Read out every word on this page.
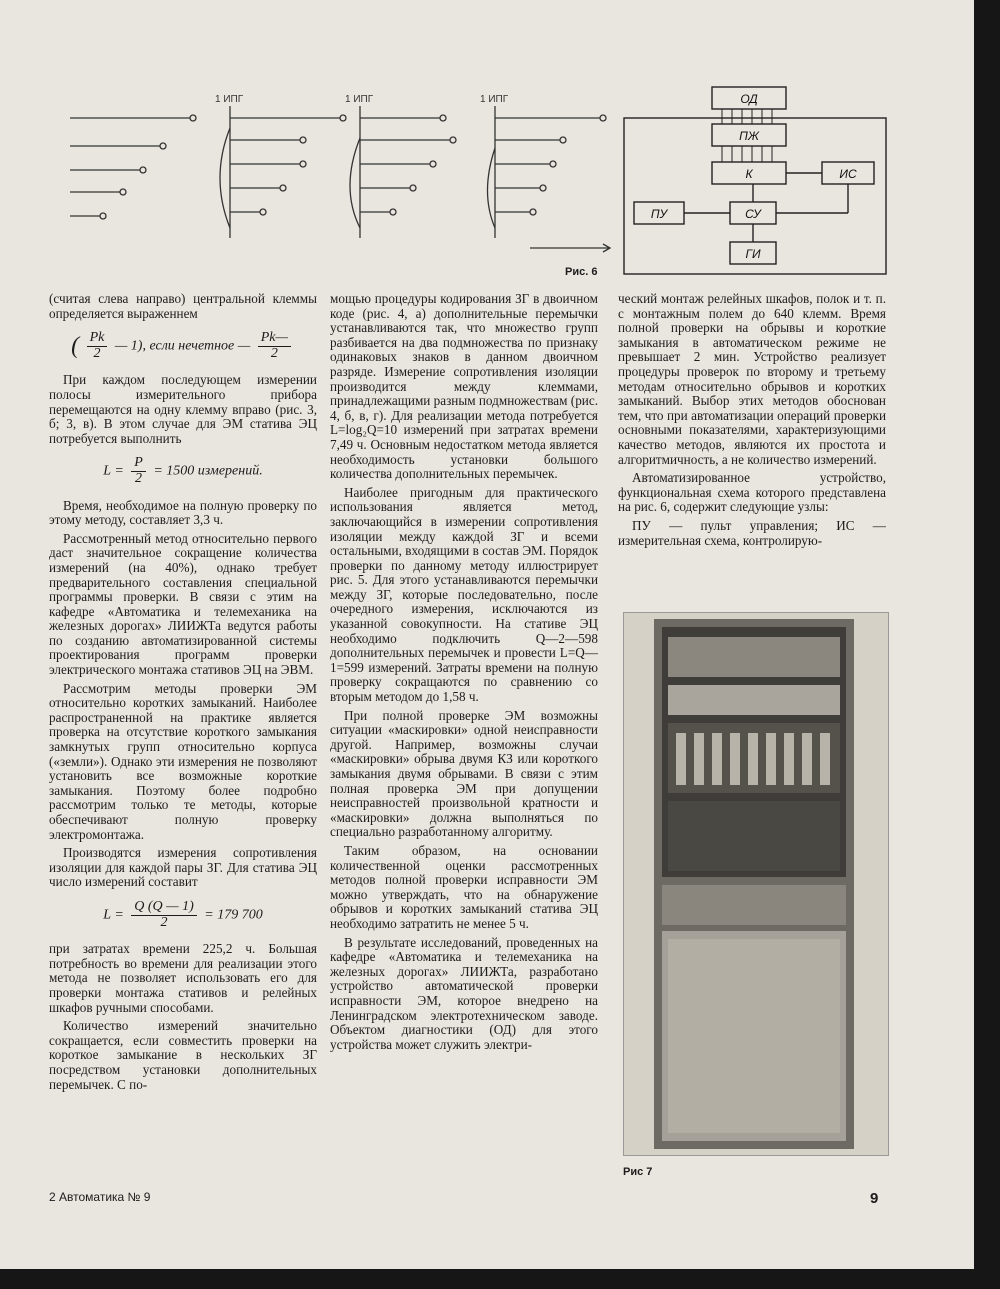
1 ИПГ	1 ИПГ	1 ИПГ	ОД
ПЖ
К	ИС
ПУ	СУ
ГИ
Рис. 6

(считая слева направо) центральной клеммы определяется выраженнем

( $\frac{Pk}{2}$ — 1), если нечетное — $\frac{Pk—}{2}$

При каждом последующем измерении полосы измерительного прибора перемещаются на одну клемму вправо (рис. 3, б; 3, в). В этом случае для ЭМ статива ЭЦ потребуется выполнить

$L = \frac{P}{2} = 1500$ измерений.

Время, необходимое на полную проверку по этому методу, составляет 3,3 ч.

Рассмотренный метод относительно первого даст значительное сокращение количества измерений (на 40%), однако требует предварительного составления специальной программы проверки. В связи с этим на кафедре «Автоматика и телемеханика на железных дорогах» ЛИИЖТа ведутся работы по созданию автоматизированной системы проектирования программ проверки электрического монтажа стативов ЭЦ на ЭВМ.

Рассмотрим методы проверки ЭМ относительно коротких замыканий. Наиболее распространенной на практике является проверка на отсутствие короткого замыкания замкнутых групп относительно корпуса («земли»). Однако эти измерения не позволяют установить все возможные короткие замыкания. Поэтому более подробно рассмотрим только те методы, которые обеспечивают полную проверку электромонтажа.

Производятся измерения сопротивления изоляции для каждой пары ЗГ. Для статива ЭЦ число измерений составит

$L = \frac{Q (Q — 1)}{2} = 179$ 700

при затратах времени 225,2 ч. Большая потребность во времени для реализации этого метода не позволяет использовать его для проверки монтажа стативов и релейных шкафов ручными способами.

Количество измерений значительно сокращается, если совместить проверки на короткое замыкание в нескольких ЗГ посредством установки дополнительных перемычек. С по-

мощью процедуры кодирования ЗГ в двоичном коде (рис. 4, а) дополнительные перемычки устанавливаются так, что множество групп разбивается на два подмножества по признаку одинаковых знаков в данном двоичном разряде. Измерение сопротивления изоляции производится между клеммами, принадлежащими разным подмножествам (рис. 4, б, в, г). Для реализации метода потребуется L=log₂Q=10 измерений при затратах времени 7,49 ч. Основным недостатком метода является необходимость установки большого количества дополнительных перемычек.

Наиболее пригодным для практического использования является метод, заключающийся в измерении сопротивления изоляции между каждой ЗГ и всеми остальными, входящими в состав ЭМ. Порядок проверки по данному методу иллюстрирует рис. 5. Для этого устанавливаются перемычки между ЗГ, которые последовательно, после очередного измерения, исключаются из указанной совокупности. На стативе ЭЦ необходимо подключить Q—2—598 дополнительных перемычек и провести L=Q—1=599 измерений. Затраты времени на полную проверку сокращаются по сравнению со вторым методом до 1,58 ч.

При полной проверке ЭМ возможны ситуации «маскировки» одной неисправности другой. Например, возможны случаи «маскировки» обрыва двумя КЗ или короткого замыкания двумя обрывами. В связи с этим полная проверка ЭМ при допущении неисправностей произвольной кратности и «маскировки» должна выполняться по специально разработанному алгоритму.

Таким образом, на основании количественной оценки рассмотренных методов полной проверки исправности ЭМ можно утверждать, что на обнаружение обрывов и коротких замыканий статива ЭЦ необходимо затратить не менее 5 ч.

В результате исследований, проведенных на кафедре «Автоматика и телемеханика на железных дорогах» ЛИИЖТа, разработано устройство автоматической проверки исправности ЭМ, которое внедрено на Ленинградском электротехническом заводе. Объектом диагностики (ОД) для этого устройства может служить электри-

ческий монтаж релейных шкафов, полок и т. п. с монтажным полем до 640 клемм. Время полной проверки на обрывы и короткие замыкания в автоматическом режиме не превышает 2 мин. Устройство реализует процедуры проверок по второму и третьему методам относительно обрывов и коротких замыканий. Выбор этих методов обоснован тем, что при автоматизации операций проверки основными показателями, характеризующими качество методов, являются их простота и алгоритмичность, а не количество измерений.

Автоматизированное устройство, функциональная схема которого представлена на рис. 6, содержит следующие узлы:

ПУ — пульт управления; ИС — измерительная схема, контролирую-

Рис 7
2 Автоматика № 9	9
